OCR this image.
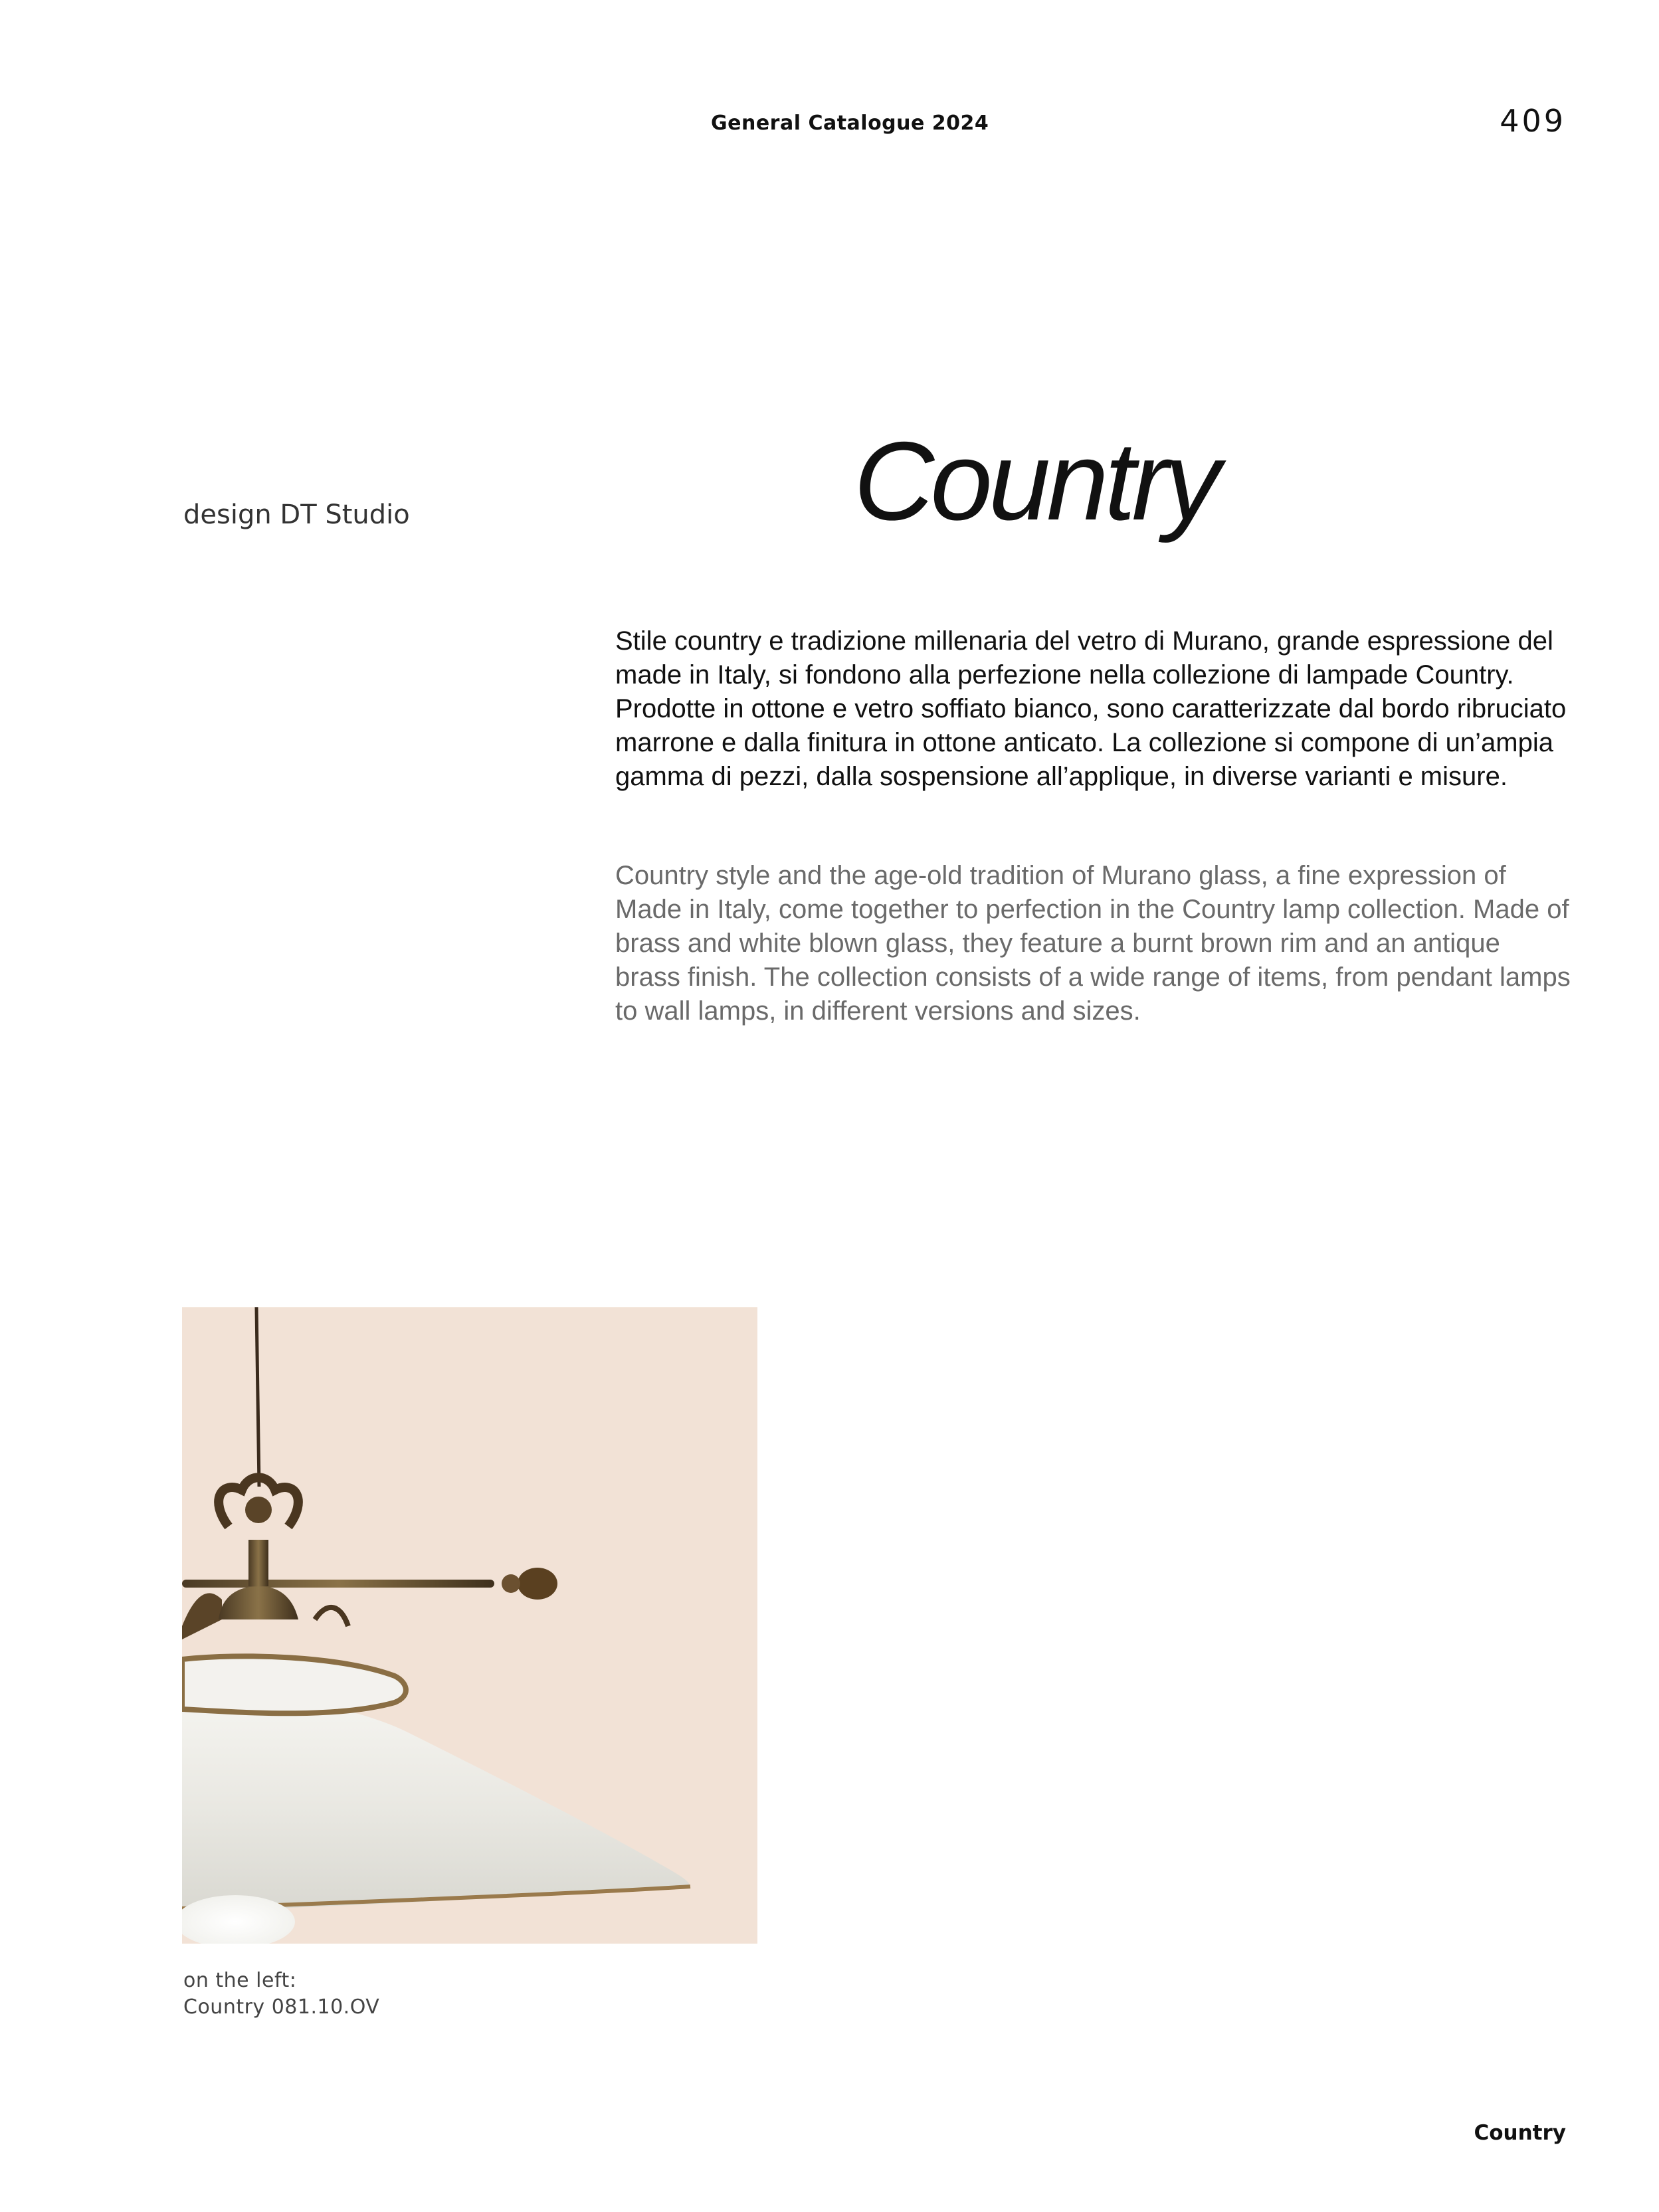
General Catalogue 2024	409
design DT Studio	Country

Stile country e tradizione millenaria del vetro di Murano, grande espressione del made in Italy, si fondono alla perfezione nella collezione di lampade Country. Prodotte in ottone e vetro soffiato bianco, sono caratterizzate dal bordo ribruciato marrone e dalla finitura in ottone anticato. La collezione si compone di un’ampia gamma di pezzi, dalla sospensione all’applique, in diverse varianti e misure.

Country style and the age-old tradition of Murano glass, a fine expression of Made in Italy, come together to perfection in the Country lamp collection. Made of brass and white blown glass, they feature a burnt brown rim and an antique brass finish. The collection consists of a wide range of items, from pendant lamps to wall lamps, in different versions and sizes.

on the left:
Country 081.10.OV
Country
